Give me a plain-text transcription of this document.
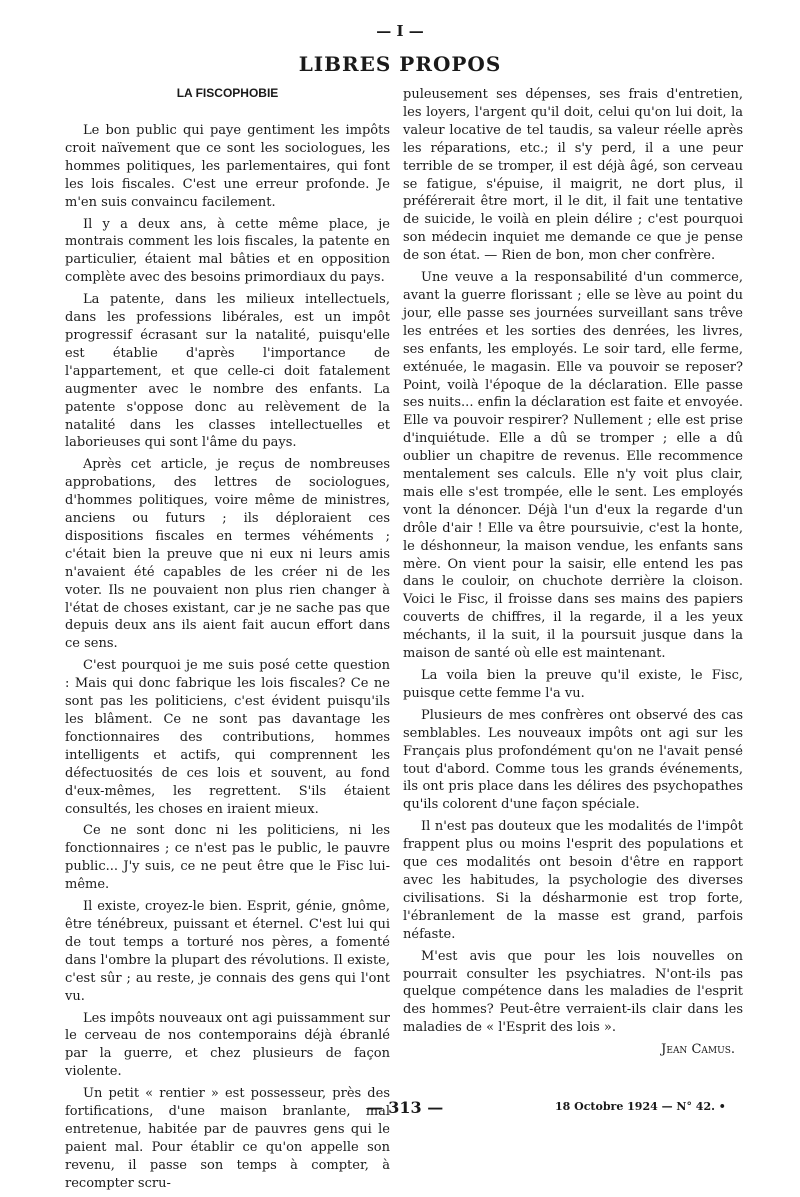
— I —
LIBRES PROPOS
LA FISCOPHOBIE

Le bon public qui paye gentiment les impôts croit naïvement que ce sont les sociologues, les hommes politiques, les parlementaires, qui font les lois fiscales. C'est une erreur profonde. Je m'en suis convaincu facilement.

Il y a deux ans, à cette même place, je montrais comment les lois fiscales, la patente en particulier, étaient mal bâties et en opposition complète avec des besoins primordiaux du pays.

La patente, dans les milieux intellectuels, dans les professions libérales, est un impôt progressif écrasant sur la natalité, puisqu'elle est établie d'après l'importance de l'appartement, et que celle-ci doit fatalement augmenter avec le nombre des enfants. La patente s'oppose donc au relèvement de la natalité dans les classes intellectuelles et laborieuses qui sont l'âme du pays.

Après cet article, je reçus de nombreuses approbations, des lettres de sociologues, d'hommes politiques, voire même de ministres, anciens ou futurs ; ils déploraient ces dispositions fiscales en termes véhéments ; c'était bien la preuve que ni eux ni leurs amis n'avaient été capables de les créer ni de les voter. Ils ne pouvaient non plus rien changer à l'état de choses existant, car je ne sache pas que depuis deux ans ils aient fait aucun effort dans ce sens.

C'est pourquoi je me suis posé cette question : Mais qui donc fabrique les lois fiscales? Ce ne sont pas les politiciens, c'est évident puisqu'ils les blâment. Ce ne sont pas davantage les fonctionnaires des contributions, hommes intelligents et actifs, qui comprennent les défectuosités de ces lois et souvent, au fond d'eux-mêmes, les regrettent. S'ils étaient consultés, les choses en iraient mieux.

Ce ne sont donc ni les politiciens, ni les fonctionnaires ; ce n'est pas le public, le pauvre public... J'y suis, ce ne peut être que le Fisc lui-même.

Il existe, croyez-le bien. Esprit, génie, gnôme, être ténébreux, puissant et éternel. C'est lui qui de tout temps a torturé nos pères, a fomenté dans l'ombre la plupart des révolutions. Il existe, c'est sûr ; au reste, je connais des gens qui l'ont vu.

Les impôts nouveaux ont agi puissamment sur le cerveau de nos contemporains déjà ébranlé par la guerre, et chez plusieurs de façon violente.

Un petit « rentier » est possesseur, près des fortifications, d'une maison branlante, mal entretenue, habitée par de pauvres gens qui le paient mal. Pour établir ce qu'on appelle son revenu, il passe son temps à compter, à recompter scru-

puleusement ses dépenses, ses frais d'entretien, les loyers, l'argent qu'il doit, celui qu'on lui doit, la valeur locative de tel taudis, sa valeur réelle après les réparations, etc.; il s'y perd, il a une peur terrible de se tromper, il est déjà âgé, son cerveau se fatigue, s'épuise, il maigrit, ne dort plus, il préférerait être mort, il le dit, il fait une tentative de suicide, le voilà en plein délire ; c'est pourquoi son médecin inquiet me demande ce que je pense de son état. — Rien de bon, mon cher confrère.

Une veuve a la responsabilité d'un commerce, avant la guerre florissant ; elle se lève au point du jour, elle passe ses journées surveillant sans trêve les entrées et les sorties des denrées, les livres, ses enfants, les employés. Le soir tard, elle ferme, exténuée, le magasin. Elle va pouvoir se reposer? Point, voilà l'époque de la déclaration. Elle passe ses nuits... enfin la déclaration est faite et envoyée. Elle va pouvoir respirer? Nullement ; elle est prise d'inquiétude. Elle a dû se tromper ; elle a dû oublier un chapitre de revenus. Elle recommence mentalement ses calculs. Elle n'y voit plus clair, mais elle s'est trompée, elle le sent. Les employés vont la dénoncer. Déjà l'un d'eux la regarde d'un drôle d'air ! Elle va être poursuivie, c'est la honte, le déshonneur, la maison vendue, les enfants sans mère. On vient pour la saisir, elle entend les pas dans le couloir, on chuchote derrière la cloison. Voici le Fisc, il froisse dans ses mains des papiers couverts de chiffres, il la regarde, il a les yeux méchants, il la suit, il la poursuit jusque dans la maison de santé où elle est maintenant.

La voila bien la preuve qu'il existe, le Fisc, puisque cette femme l'a vu.

Plusieurs de mes confrères ont observé des cas semblables. Les nouveaux impôts ont agi sur les Français plus profondément qu'on ne l'avait pensé tout d'abord. Comme tous les grands événements, ils ont pris place dans les délires des psychopathes qu'ils colorent d'une façon spéciale.

Il n'est pas douteux que les modalités de l'impôt frappent plus ou moins l'esprit des populations et que ces modalités ont besoin d'être en rapport avec les habitudes, la psychologie des diverses civilisations. Si la désharmonie est trop forte, l'ébranlement de la masse est grand, parfois néfaste.

M'est avis que pour les lois nouvelles on pourrait consulter les psychiatres. N'ont-ils pas quelque compétence dans les maladies de l'esprit des hommes? Peut-être verraient-ils clair dans les maladies de « l'Esprit des lois ».

Jean Camus.
— 313 —	18 Octobre 1924 — N° 42. •
